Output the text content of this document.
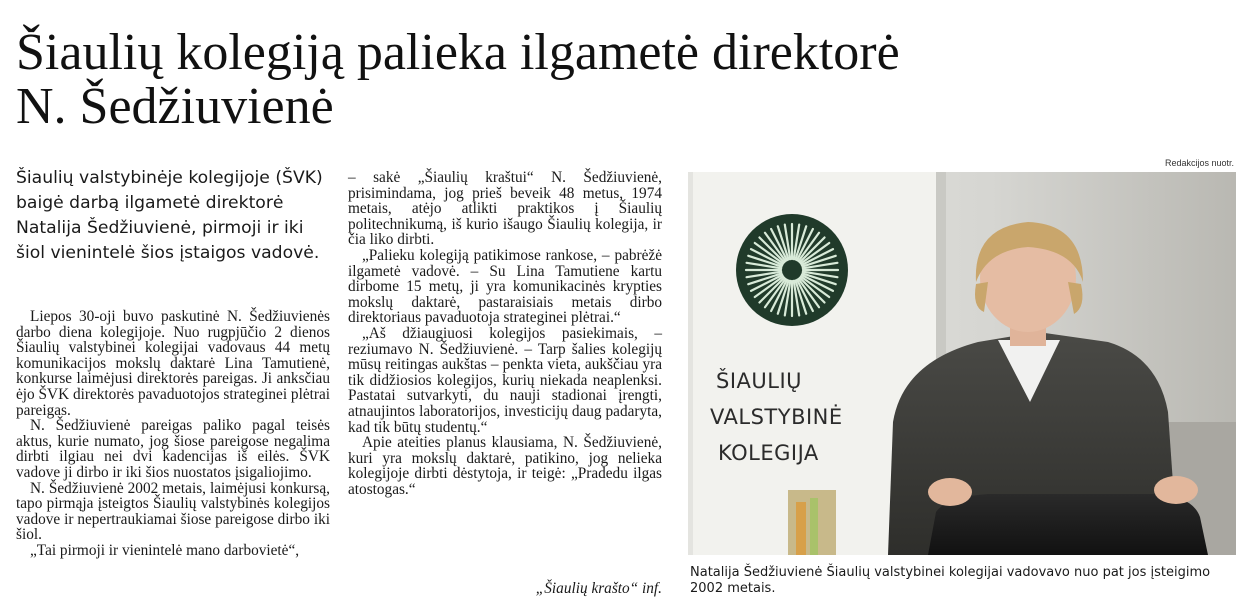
Šiaulių kolegiją palieka ilgametė direktorė N. Šedžiuvienė

Šiaulių valstybinėje kolegijoje (ŠVK) baigė darbą ilgametė direktorė Natalija Šedžiuvienė, pirmoji ir iki šiol vienintelė šios įstaigos vadovė.

Liepos 30-oji buvo paskutinė N. Šedžiuvienės darbo diena kolegijoje. Nuo rugpjūčio 2 dienos Šiaulių valstybinei kolegijai vadovaus 44 metų komunikacijos mokslų daktarė Lina Tamutienė, konkurse laimėjusi direktorės pareigas. Ji anksčiau ėjo ŠVK direktorės pavaduotojos strateginei plėtrai pareigas.

N. Šedžiuvienė pareigas paliko pagal teisės aktus, kurie numato, jog šiose pareigose negalima dirbti ilgiau nei dvi kadencijas iš eilės. ŠVK vadove ji dirbo ir iki šios nuostatos įsigaliojimo.

N. Šedžiuvienė 2002 metais, laimėjusi konkursą, tapo pirmąja įsteigtos Šiaulių valstybinės kolegijos vadove ir nepertraukiamai šiose pareigose dirbo iki šiol.

„Tai pirmoji ir vienintelė mano darbovietė“,

– sakė „Šiaulių kraštui“ N. Šedžiuvienė, prisimindama, jog prieš beveik 48 metus, 1974 metais, atėjo atlikti praktikos į Šiaulių politechnikumą, iš kurio išaugo Šiaulių kolegija, ir čia liko dirbti.

„Palieku kolegiją patikimose rankose, – pabrėžė ilgametė vadovė. – Su Lina Tamutiene kartu dirbome 15 metų, ji yra komunikacinės krypties mokslų daktarė, pastaraisiais metais dirbo direktoriaus pavaduotoja strateginei plėtrai.“

„Aš džiaugiuosi kolegijos pasiekimais, – reziumavo N. Šedžiuvienė. – Tarp šalies kolegijų mūsų reitingas aukštas – penkta vieta, aukščiau yra tik didžiosios kolegijos, kurių niekada neaplenksi. Pastatai sutvarkyti, du nauji stadionai įrengti, atnaujintos laboratorijos, investicijų daug padaryta, kad tik būtų studentų.“

Apie ateities planus klausiama, N. Šedžiuvienė, kuri yra mokslų daktarė, patikino, jog nelieka kolegijoje dirbti dėstytoja, ir teigė: „Pradedu ilgas atostogas.“

„Šiaulių krašto“ inf.
Redakcijos nuotr.
ŠIAULIŲ
VALSTYBINĖ
KOLEGIJA
Natalija Šedžiuvienė Šiaulių valstybinei kolegijai vadovavo nuo pat jos įsteigimo 2002 metais.
